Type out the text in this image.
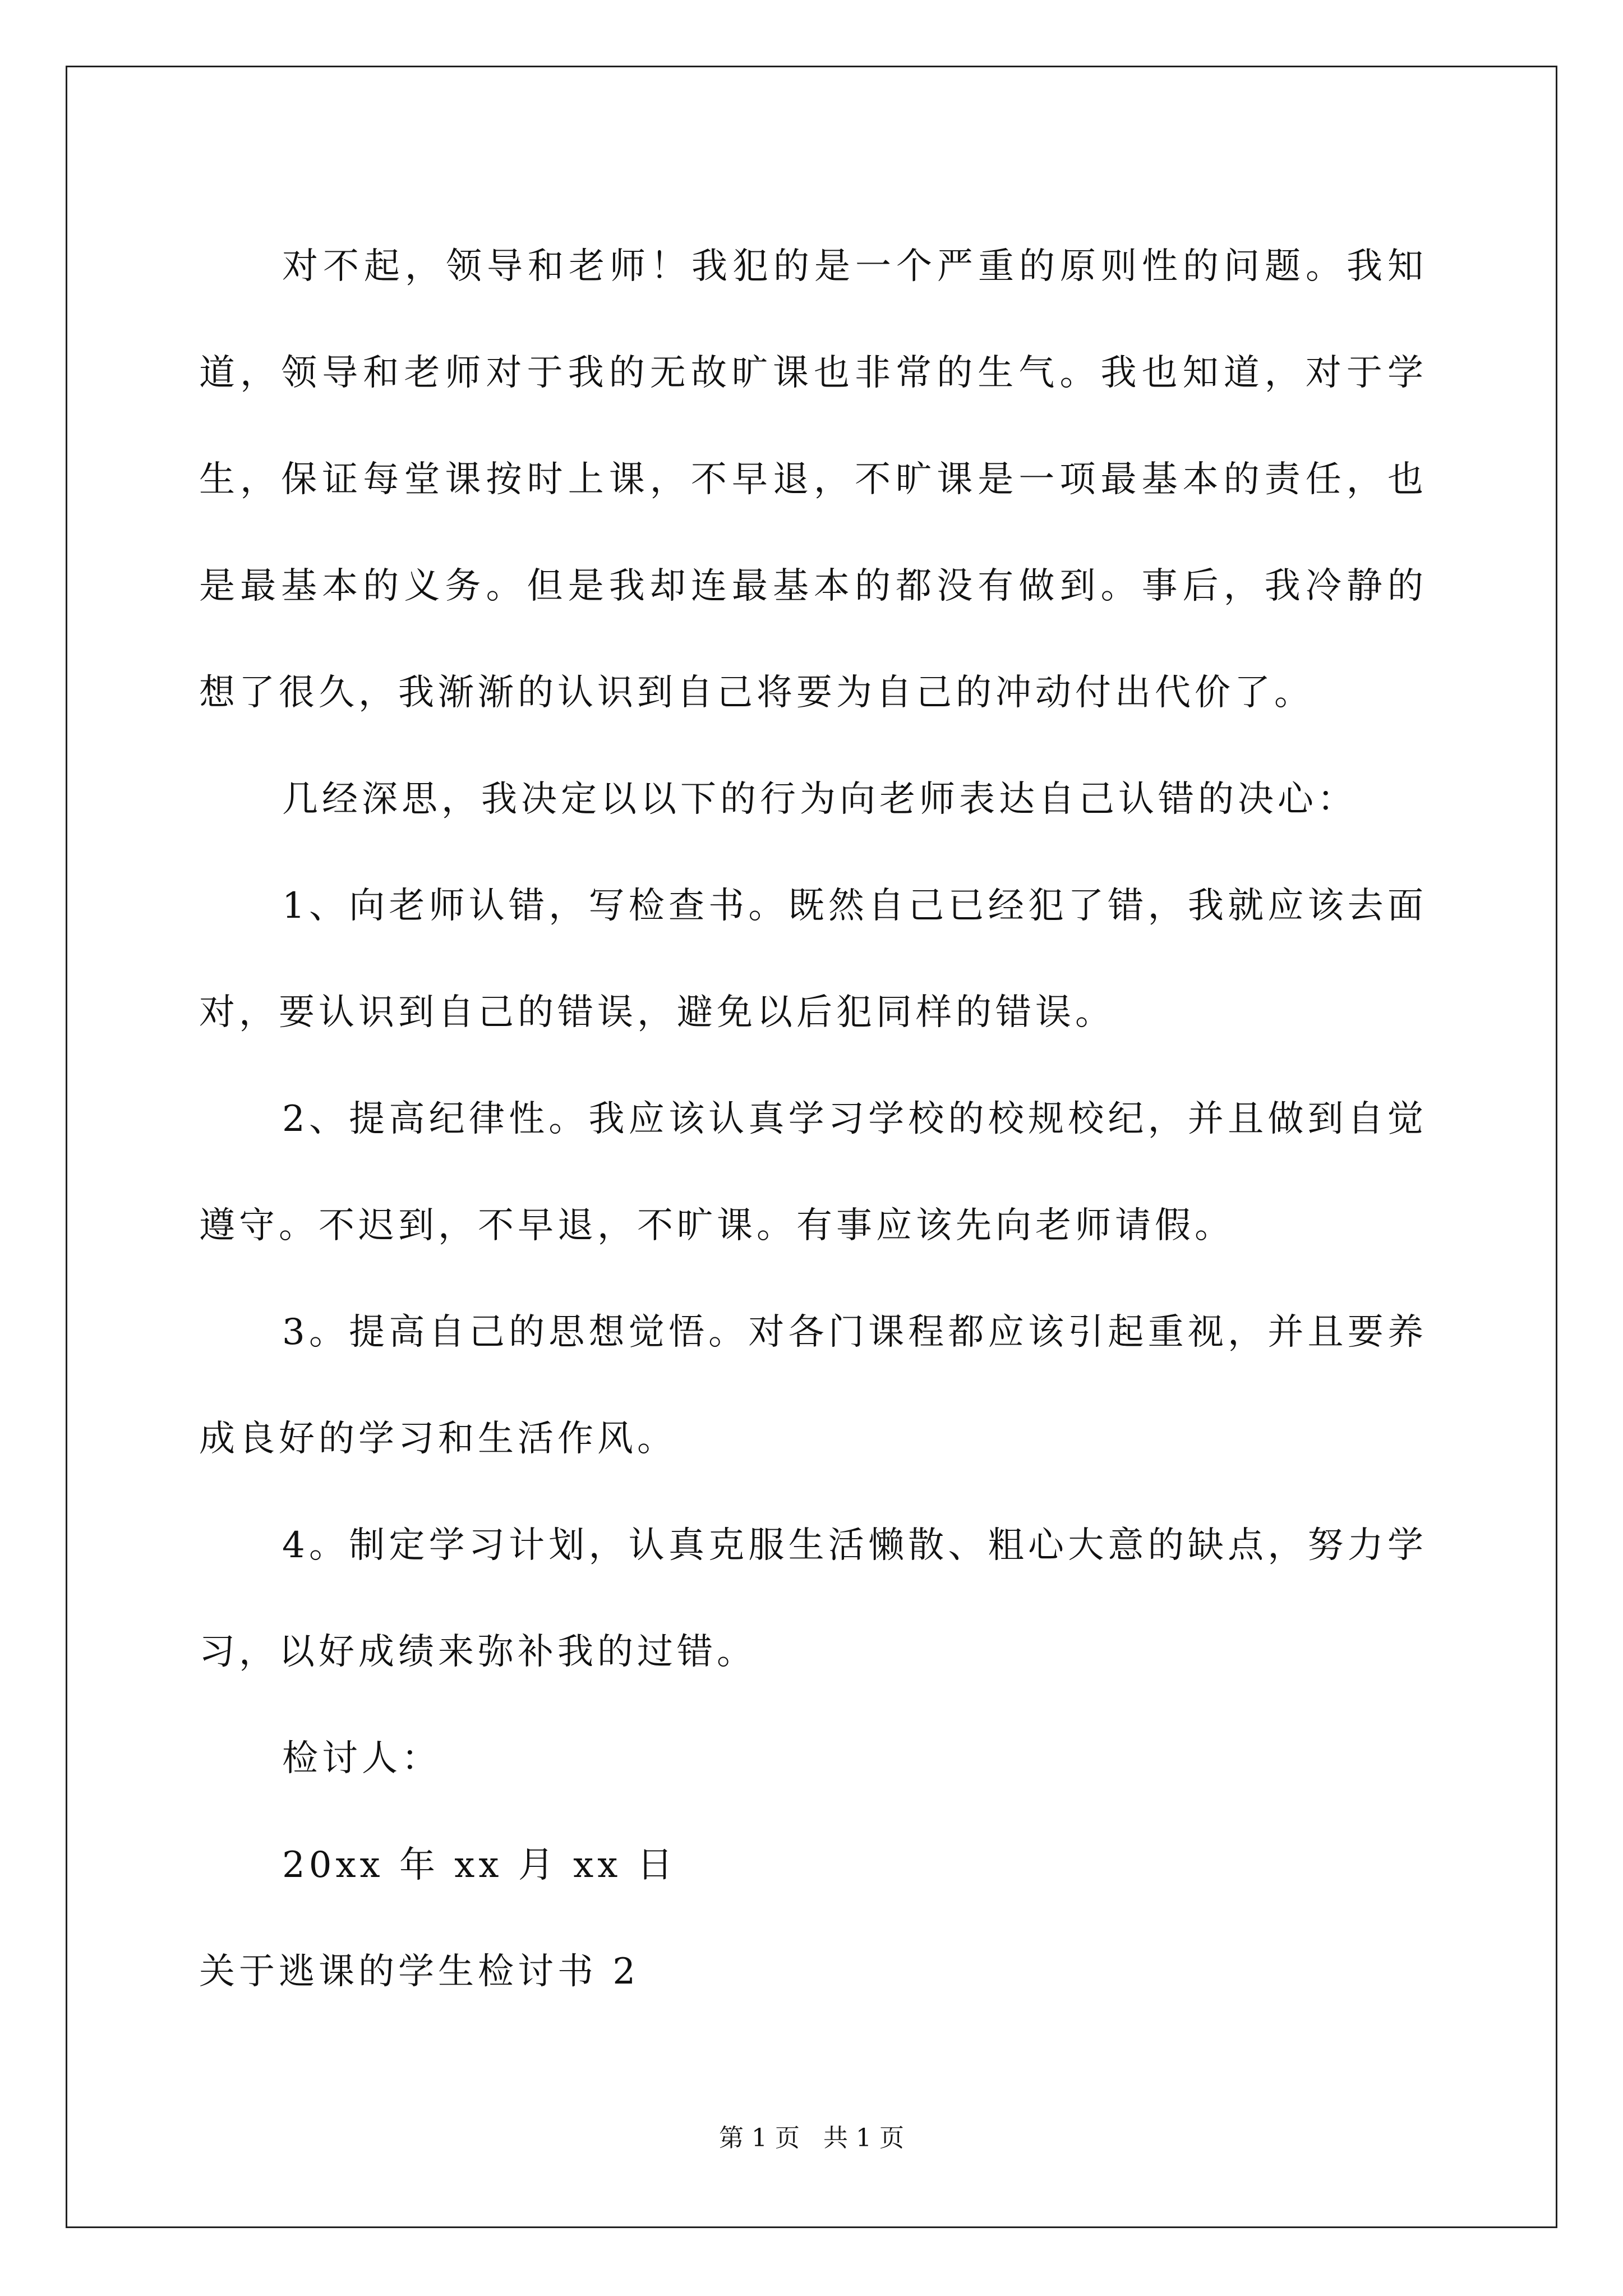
对不起，领导和老师！我犯的是一个严重的原则性的问题。我知道，领导和老师对于我的无故旷课也非常的生气。我也知道，对于学生，保证每堂课按时上课，不早退，不旷课是一项最基本的责任，也是最基本的义务。但是我却连最基本的都没有做到。事后，我冷静的想了很久，我渐渐的认识到自己将要为自己的冲动付出代价了。

几经深思，我决定以以下的行为向老师表达自己认错的决心：

1、向老师认错，写检查书。既然自己已经犯了错，我就应该去面对，要认识到自己的错误，避免以后犯同样的错误。

2、提高纪律性。我应该认真学习学校的校规校纪，并且做到自觉遵守。不迟到，不早退，不旷课。有事应该先向老师请假。

3。提高自己的思想觉悟。对各门课程都应该引起重视，并且要养成良好的学习和生活作风。

4。制定学习计划，认真克服生活懒散、粗心大意的缺点，努力学习，以好成绩来弥补我的过错。

检讨人：

20xx 年 xx 月 xx 日

关于逃课的学生检讨书 2

第 1 页 共 1 页
